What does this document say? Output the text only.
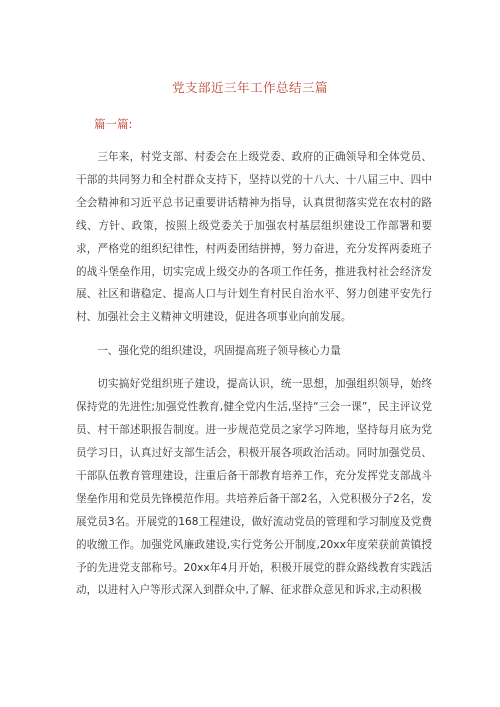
党支部近三年工作总结三篇
篇一篇:

三年来，村党支部、村委会在上级党委、政府的正确领导和全体党员、干部的共同努力和全村群众支持下，坚持以党的十八大、十八届三中、四中全会精神和习近平总书记重要讲话精神为指导，认真贯彻落实党在农村的路线、方针、政策，按照上级党委关于加强农村基层组织建设工作部署和要求，严格党的组织纪律性，村两委团结拼搏，努力奋进，充分发挥两委班子的战斗堡垒作用，切实完成上级交办的各项工作任务，推进我村社会经济发展、社区和谐稳定、提高人口与计划生育村民自治水平、努力创建平安先行村、加强社会主义精神文明建设，促进各项事业向前发展。

一、强化党的组织建设，巩固提高班子领导核心力量

切实搞好党组织班子建设，提高认识，统一思想，加强组织领导，始终保持党的先进性;加强党性教育,健全党内生活,坚持“三会一课”，民主评议党员、村干部述职报告制度。进一步规范党员之家学习阵地，坚持每月底为党员学习日，认真过好支部生活会，积极开展各项政治活动。同时加强党员、干部队伍教育管理建设，注重后备干部教育培养工作，充分发挥党支部战斗堡垒作用和党员先锋模范作用。共培养后备干部2名，入党积极分子2名，发展党员3名。开展党的168工程建设，做好流动党员的管理和学习制度及党费的收缴工作。加强党风廉政建设,实行党务公开制度,20xx年度荣获前黄镇授予的先进党支部称号。20xx年4月开始，积极开展党的群众路线教育实践活动，以进村入户等形式深入到群众中,了解、征求群众意见和诉求,主动积极
